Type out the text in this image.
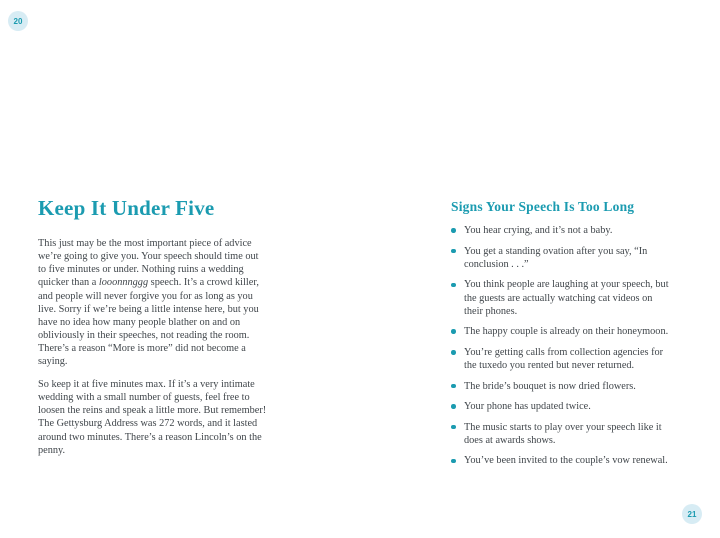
20
Keep It Under Five

This just may be the most important piece of advice we’re going to give you. Your speech should time out to five minutes or under. Nothing ruins a wedding quicker than a looonnnggg speech. It’s a crowd killer, and people will never forgive you for as long as you live. Sorry if we’re being a little intense here, but you have no idea how many people blather on and on obliviously in their speeches, not reading the room. There’s a reason “More is more” did not become a saying.

So keep it at five minutes max. If it’s a very intimate wedding with a small number of guests, feel free to loosen the reins and speak a little more. But remember! The Gettysburg Address was 272 words, and it lasted around two minutes. There’s a reason Lincoln’s on the penny.

Signs Your Speech Is Too Long
You hear crying, and it’s not a baby.
You get a standing ovation after you say, “In conclusion . . .”
You think people are laughing at your speech, but the guests are actually watching cat videos on their phones.
The happy couple is already on their honeymoon.
You’re getting calls from collection agencies for the tuxedo you rented but never returned.
The bride’s bouquet is now dried flowers.
Your phone has updated twice.
The music starts to play over your speech like it does at awards shows.
You’ve been invited to the couple’s vow renewal.
21
